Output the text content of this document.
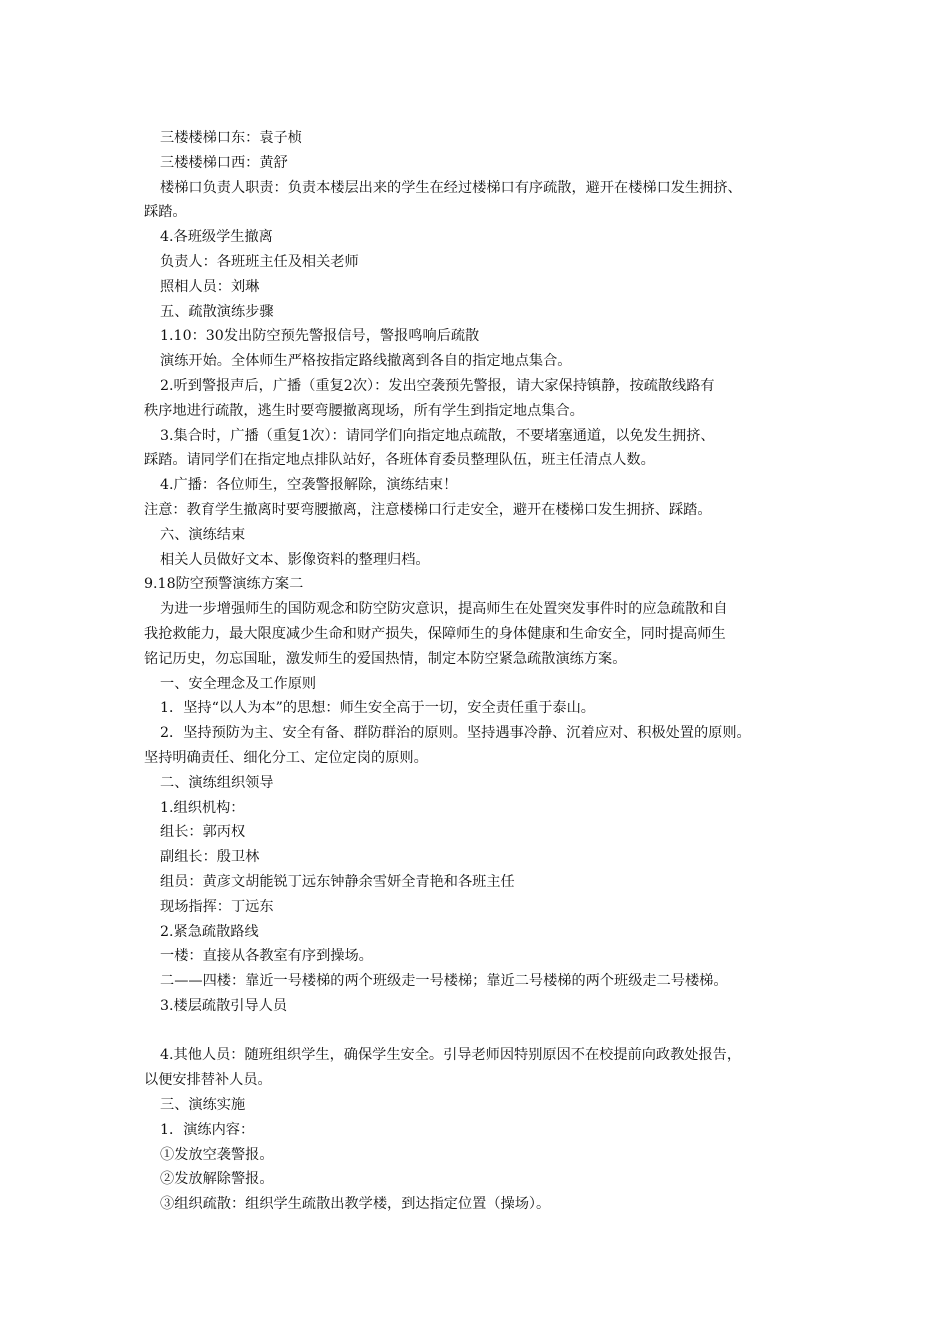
三楼楼梯口东：袁子桢
三楼楼梯口西：黄舒
楼梯口负责人职责：负责本楼层出来的学生在经过楼梯口有序疏散，避开在楼梯口发生拥挤、
踩踏。
4.各班级学生撤离
负责人：各班班主任及相关老师
照相人员：刘琳
五、疏散演练步骤
1.10：30发出防空预先警报信号，警报鸣响后疏散
演练开始。全体师生严格按指定路线撤离到各自的指定地点集合。
2.听到警报声后，广播（重复2次）：发出空袭预先警报，请大家保持镇静，按疏散线路有
秩序地进行疏散，逃生时要弯腰撤离现场，所有学生到指定地点集合。
3.集合时，广播（重复1次）：请同学们向指定地点疏散，不要堵塞通道，以免发生拥挤、
踩踏。请同学们在指定地点排队站好，各班体育委员整理队伍，班主任清点人数。
4.广播：各位师生，空袭警报解除，演练结束！
注意：教育学生撤离时要弯腰撤离，注意楼梯口行走安全，避开在楼梯口发生拥挤、踩踏。
六、演练结束
相关人员做好文本、影像资料的整理归档。
9.18防空预警演练方案二
为进一步增强师生的国防观念和防空防灾意识，提高师生在处置突发事件时的应急疏散和自
我抢救能力，最大限度减少生命和财产损失，保障师生的身体健康和生命安全，同时提高师生
铭记历史，勿忘国耻，激发师生的爱国热情，制定本防空紧急疏散演练方案。
一、安全理念及工作原则
1．坚持“以人为本”的思想：师生安全高于一切，安全责任重于泰山。
2．坚持预防为主、安全有备、群防群治的原则。坚持遇事冷静、沉着应对、积极处置的原则。
坚持明确责任、细化分工、定位定岗的原则。
二、演练组织领导
1.组织机构：
组长：郭丙权
副组长：殷卫林
组员：黄彦文胡能锐丁远东钟静余雪妍全青艳和各班主任
现场指挥：丁远东
2.紧急疏散路线
一楼：直接从各教室有序到操场。
二——四楼：靠近一号楼梯的两个班级走一号楼梯；靠近二号楼梯的两个班级走二号楼梯。
3.楼层疏散引导人员
4.其他人员：随班组织学生，确保学生安全。引导老师因特别原因不在校提前向政教处报告，
以便安排替补人员。
三、演练实施
1．演练内容：
①发放空袭警报。
②发放解除警报。
③组织疏散：组织学生疏散出教学楼，到达指定位置（操场）。
